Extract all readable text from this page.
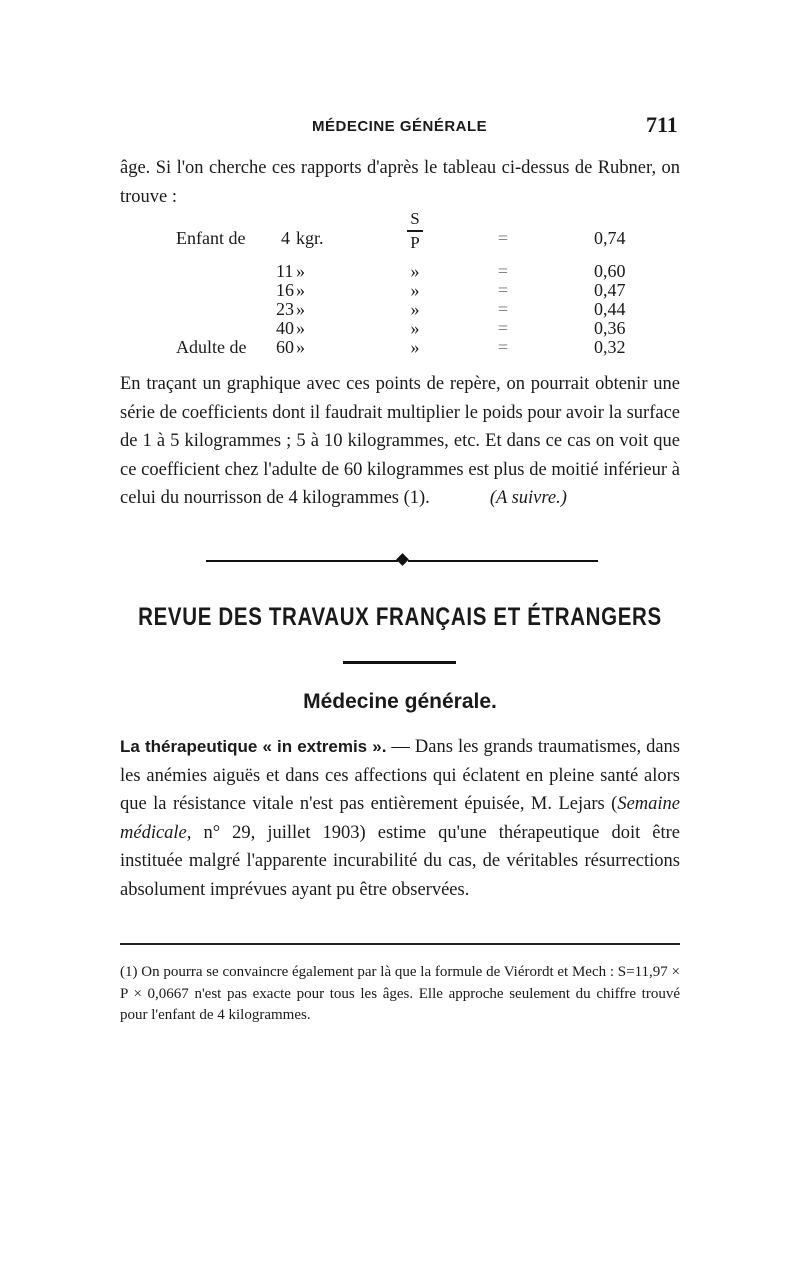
MÉDECINE GÉNÉRALE	711
âge. Si l'on cherche ces rapports d'après le tableau ci-dessus de Rubner, on trouve :
S
P
Enfant de 4 kgr.	=	0,74
11 »	»	=	0,60
16 »	»	=	0,47
23 »	»	=	0,44
40 »	»	=	0,36
Adulte de 60 »	»	=	0,32
En traçant un graphique avec ces points de repère, on pourrait obtenir une série de coefficients dont il faudrait multiplier le poids pour avoir la surface de 1 à 5 kilogrammes ; 5 à 10 kilogrammes, etc. Et dans ce cas on voit que ce coefficient chez l'adulte de 60 kilogrammes est plus de moitié inférieur à celui du nourrisson de 4 kilogrammes (1).	(A suivre.)
REVUE DES TRAVAUX FRANÇAIS ET ÉTRANGERS
Médecine générale.
La thérapeutique « in extremis ». — Dans les grands traumatismes, dans les anémies aiguës et dans ces affections qui éclatent en pleine santé alors que la résistance vitale n'est pas entièrement épuisée, M. Lejars (Semaine médicale, n° 29, juillet 1903) estime qu'une thérapeutique doit être instituée malgré l'apparente incurabilité du cas, de véritables résurrections absolument imprévues ayant pu être observées.
(1) On pourra se convaincre également par là que la formule de Viérordt et Mech : S=11,97 × P × 0,0667 n'est pas exacte pour tous les âges. Elle approche seulement du chiffre trouvé pour l'enfant de 4 kilogrammes.
